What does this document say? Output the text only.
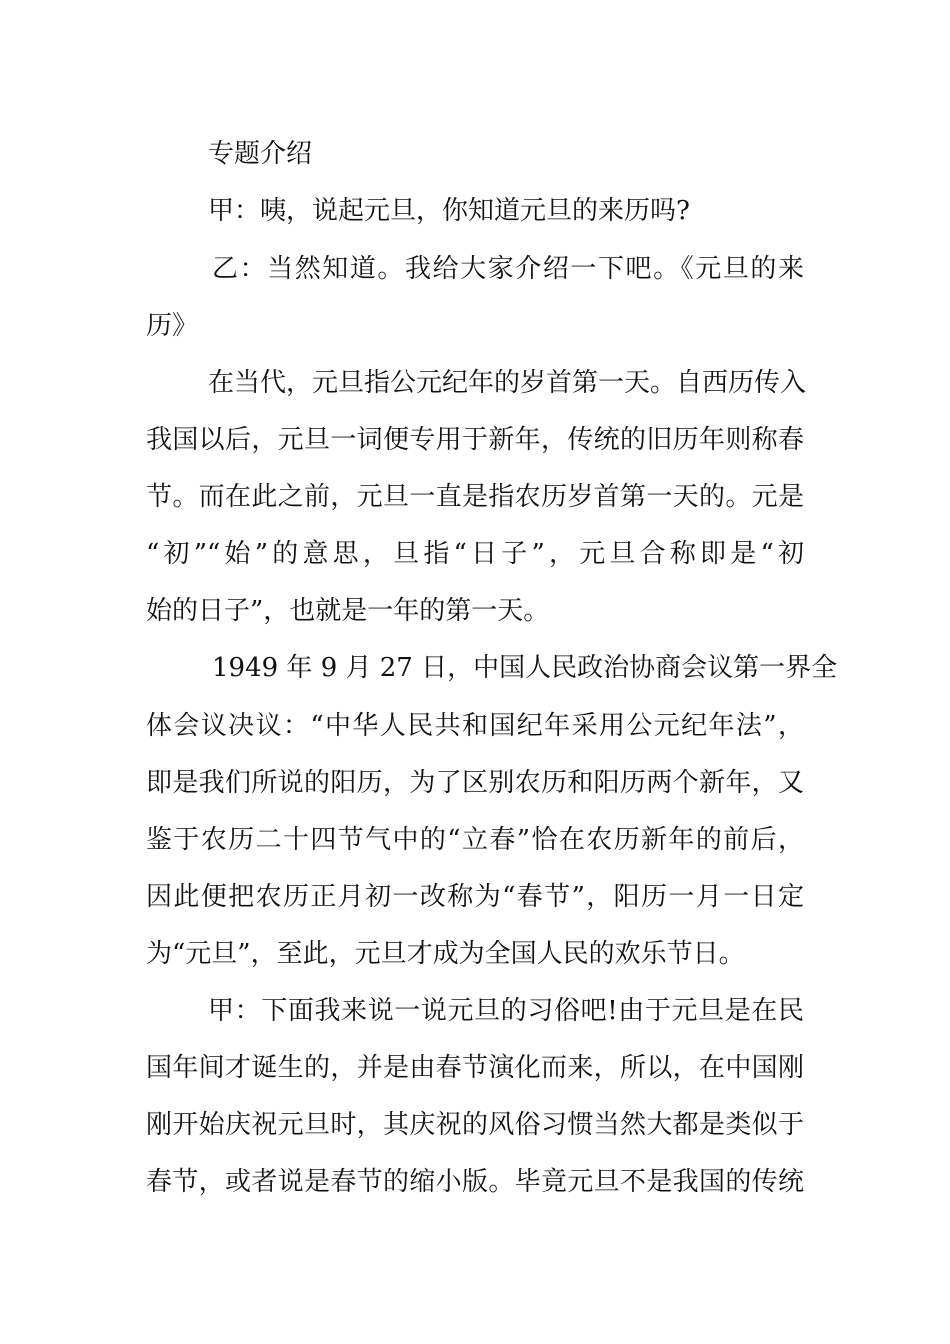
专题介绍
甲：咦，说起元旦，你知道元旦的来历吗?
乙：当然知道。我给大家介绍一下吧。《元旦的来
历》
在当代，元旦指公元纪年的岁首第一天。自西历传入
我国以后，元旦一词便专用于新年，传统的旧历年则称春
节。而在此之前，元旦一直是指农历岁首第一天的。元是
“初”“始”的意思，旦指“日子”，元旦合称即是“初
始的日子”，也就是一年的第一天。
1949 年 9 月 27 日，中国人民政治协商会议第一界全
体会议决议：“中华人民共和国纪年采用公元纪年法”，
即是我们所说的阳历，为了区别农历和阳历两个新年，又
鉴于农历二十四节气中的“立春”恰在农历新年的前后，
因此便把农历正月初一改称为“春节”，阳历一月一日定
为“元旦”，至此，元旦才成为全国人民的欢乐节日。
甲：下面我来说一说元旦的习俗吧!由于元旦是在民
国年间才诞生的，并是由春节演化而来，所以，在中国刚
刚开始庆祝元旦时，其庆祝的风俗习惯当然大都是类似于
春节，或者说是春节的缩小版。毕竟元旦不是我国的传统
